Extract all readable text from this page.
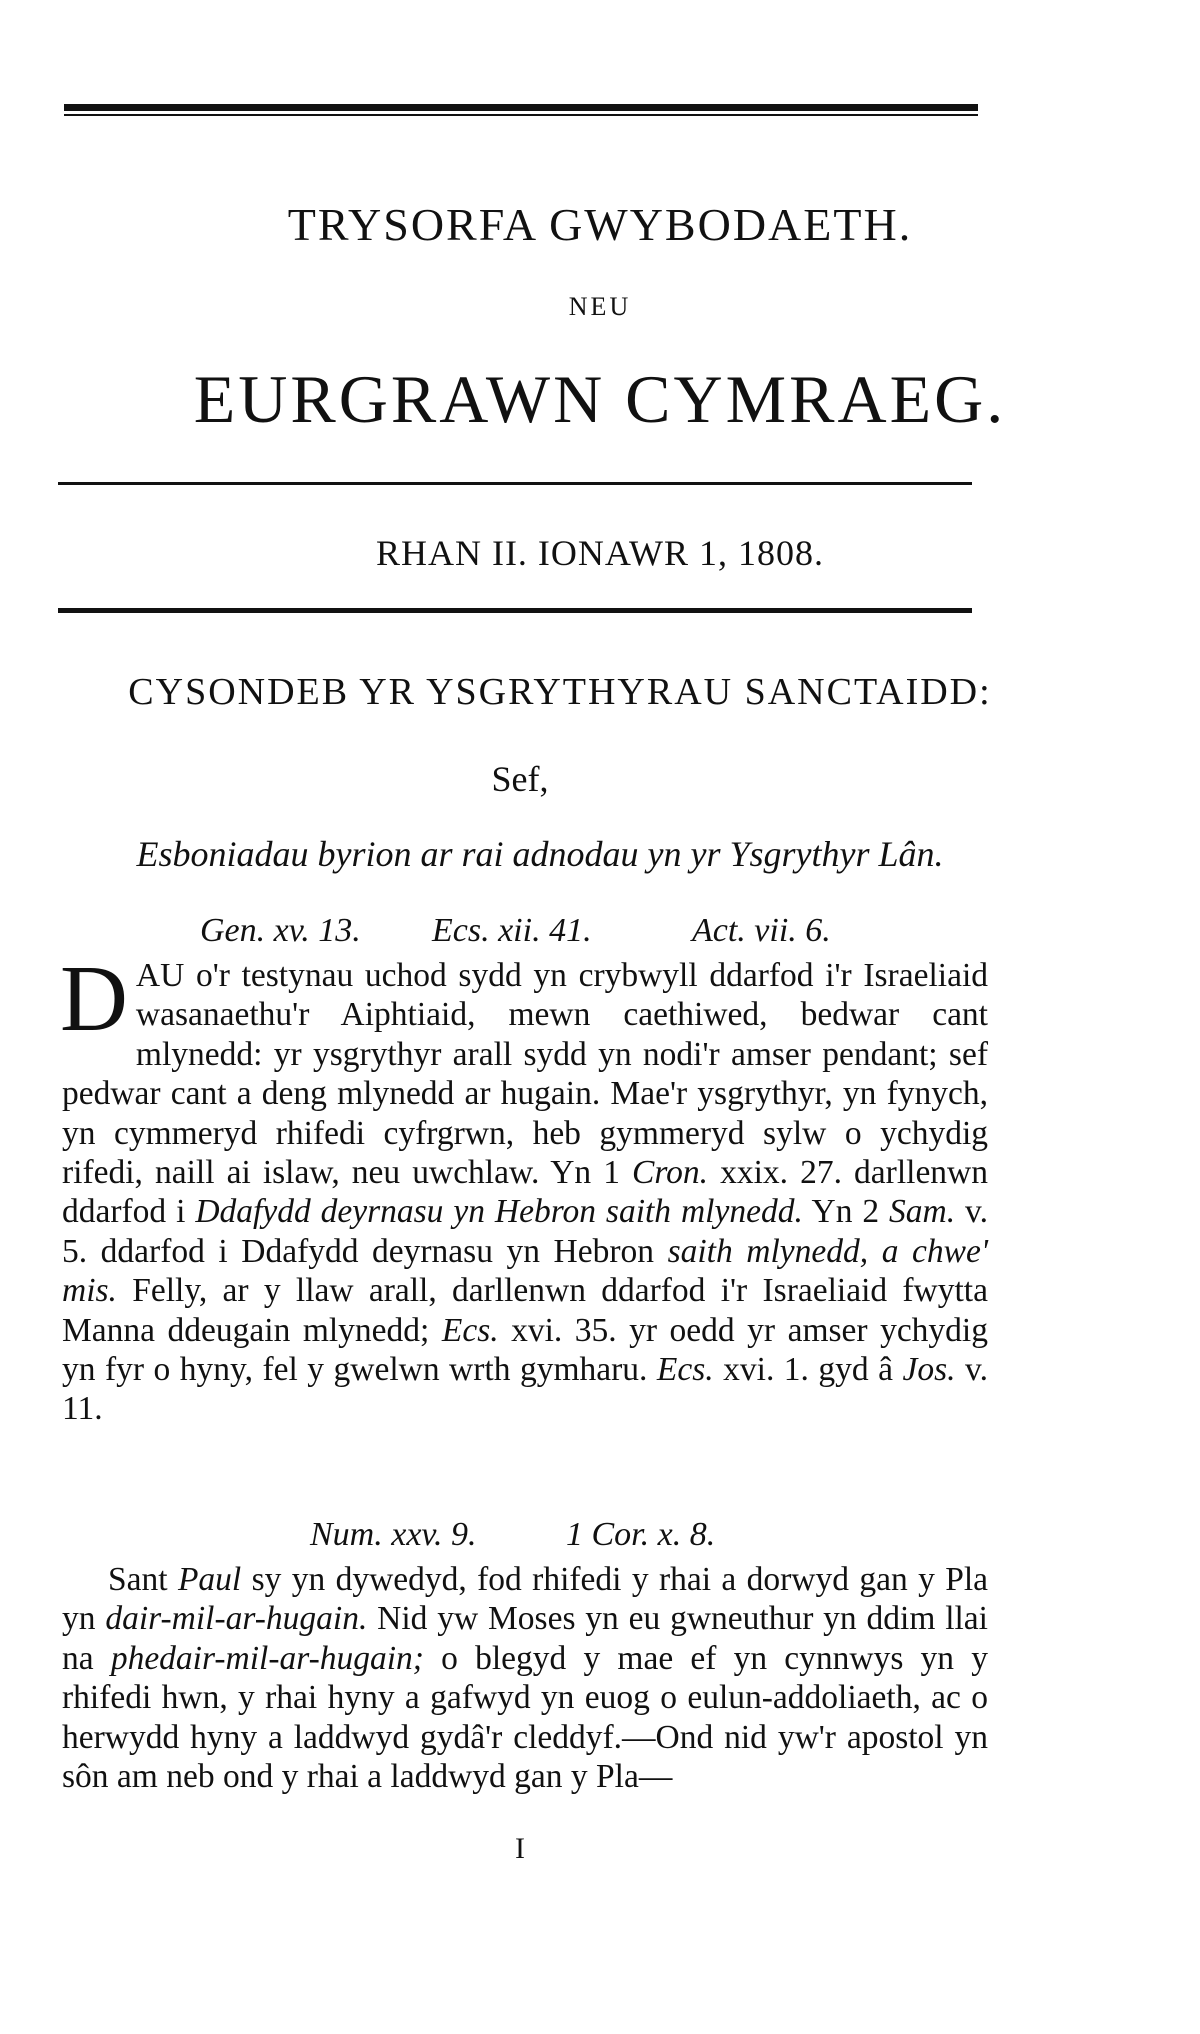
TRYSORFA GWYBODAETH.
NEU
EURGRAWN CYMRAEG.
RHAN II. IONAWR 1, 1808.
CYSONDEB YR YSGRYTHYRAU SANCTAIDD:
Sef,
Esboniadau byrion ar rai adnodau yn yr Ysgrythyr Lân.
Gen. xv. 13. Ecs. xii. 41.	Act. vii. 6.
DAU o'r testynau uchod sydd yn crybwyll ddarfod i'r Israeliaid wasanaethu'r Aiphtiaid, mewn caethiwed, bedwar cant mlynedd: yr ysgrythyr arall sydd yn nodi'r amser pendant; sef pedwar cant a deng mlynedd ar hugain. Mae'r ysgrythyr, yn fynych, yn cymmeryd rhifedi cyfrgrwn, heb gymmeryd sylw o ychydig rifedi, naill ai islaw, neu uwchlaw. Yn 1 Cron. xxix. 27. darllenwn ddarfod i Ddafydd deyrnasu yn Hebron saith mlynedd. Yn 2 Sam. v. 5. ddarfod i Ddafydd deyrnasu yn Hebron saith mlynedd, a chwe' mis. Felly, ar y llaw arall, darllenwn ddarfod i'r Israeliaid fwytta Manna ddeugain mlynedd; Ecs. xvi. 35. yr oedd yr amser ychydig yn fyr o hyny, fel y gwelwn wrth gymharu. Ecs. xvi. 1. gyd â Jos. v. 11.
Num. xxv. 9.	1 Cor. x. 8.
Sant Paul sy yn dywedyd, fod rhifedi y rhai a dorwyd gan y Pla yn dair-mil-ar-hugain. Nid yw Moses yn eu gwneuthur yn ddim llai na phedair-mil-ar-hugain; o blegyd y mae ef yn cynnwys yn y rhifedi hwn, y rhai hyny a gafwyd yn euog o eulun-addoliaeth, ac o herwydd hyny a laddwyd gydâ'r cleddyf.—Ond nid yw'r apostol yn sôn am neb ond y rhai a laddwyd gan y Pla—
I
